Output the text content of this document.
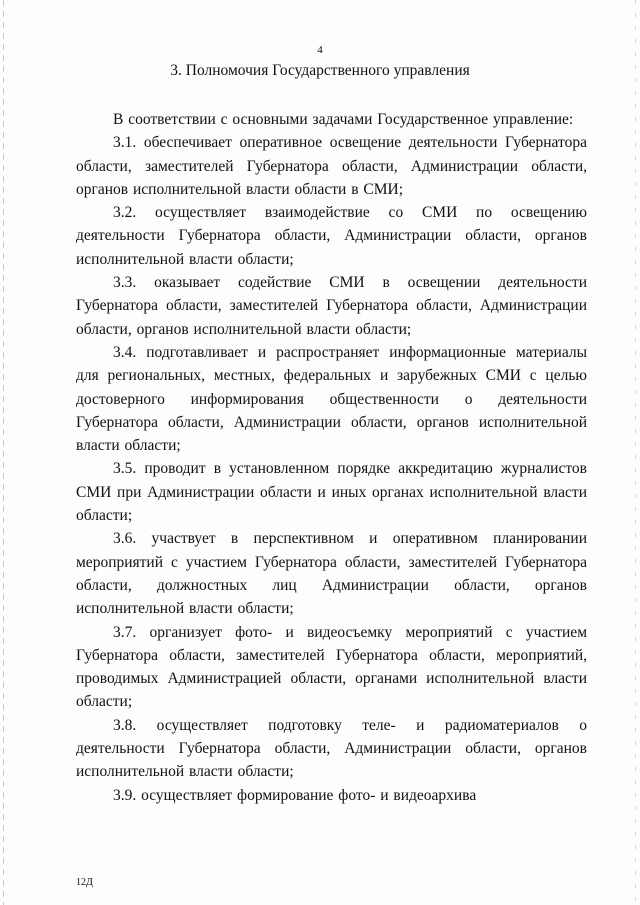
4
3. Полномочия Государственного управления

В соответствии с основными задачами Государственное управление:

3.1. обеспечивает оперативное освещение деятельности Губернатора области, заместителей Губернатора области, Администрации области, органов исполнительной власти области в СМИ;

3.2. осуществляет взаимодействие со СМИ по освещению деятельности Губернатора области, Администрации области, органов исполнительной власти области;

3.3. оказывает содействие СМИ в освещении деятельности Губернатора области, заместителей Губернатора области, Администрации области, органов исполнительной власти области;

3.4. подготавливает и распространяет информационные материалы для региональных, местных, федеральных и зарубежных СМИ с целью достоверного информирования общественности о деятельности Губернатора области, Администрации области, органов исполнительной власти области;

3.5. проводит в установленном порядке аккредитацию журналистов СМИ при Администрации области и иных органах исполнительной власти области;

3.6. участвует в перспективном и оперативном планировании мероприятий с участием Губернатора области, заместителей Губернатора области, должностных лиц Администрации области, органов исполнительной власти области;

3.7. организует фото- и видеосъемку мероприятий с участием Губернатора области, заместителей Губернатора области, мероприятий, проводимых Администрацией области, органами исполнительной власти области;

3.8. осуществляет подготовку теле- и радиоматериалов о деятельности Губернатора области, Администрации области, органов исполнительной власти области;

3.9. осуществляет формирование фото- и видеоархива

12Д
